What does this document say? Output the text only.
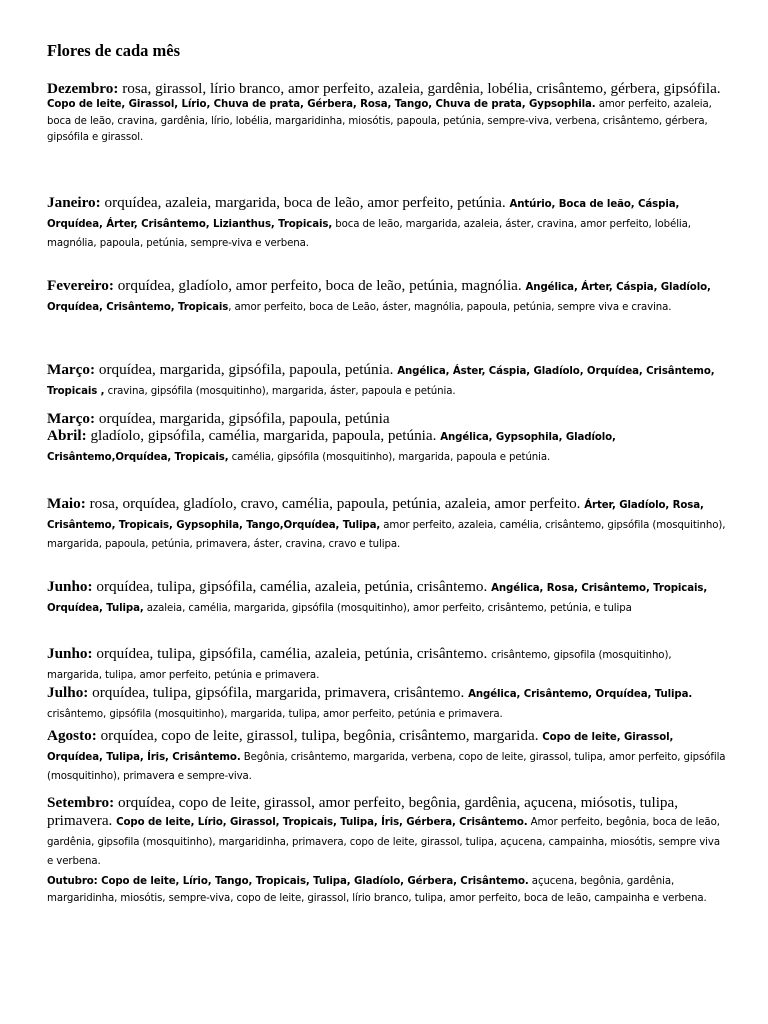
Flores de cada mês
Dezembro: rosa, girassol, lírio branco, amor perfeito, azaleia, gardênia, lobélia, crisântemo, gérbera, gipsófila.
Copo de leite, Girassol, Lírio, Chuva de prata, Gérbera, Rosa, Tango, Chuva de prata, Gypsophila. amor perfeito, azaleia, boca de leão, cravina, gardênia, lírio, lobélia, margaridinha, miosótis, papoula, petúnia, sempre-viva, verbena, crisântemo, gérbera, gipsófila e girassol.
Janeiro: orquídea, azaleia, margarida, boca de leão, amor perfeito, petúnia. Antúrio, Boca de leão, Cáspia, Orquídea, Árter, Crisântemo, Lizianthus, Tropicais, boca de leão, margarida, azaleia, áster, cravina, amor perfeito, lobélia, magnólia, papoula, petúnia, sempre-viva e verbena.
Fevereiro: orquídea, gladíolo, amor perfeito, boca de leão, petúnia, magnólia. Angélica, Árter, Cáspia, Gladíolo, Orquídea, Crisântemo, Tropicais, amor perfeito, boca de Leão, áster, magnólia, papoula, petúnia, sempre viva e cravina.
Março: orquídea, margarida, gipsófila, papoula, petúnia. Angélica, Áster, Cáspia, Gladíolo, Orquídea, Crisântemo, Tropicais , cravina, gipsófila (mosquitinho), margarida, áster, papoula e petúnia.
Março: orquídea, margarida, gipsófila, papoula, petúnia
Abril: gladíolo, gipsófila, camélia, margarida, papoula, petúnia. Angélica, Gypsophila, Gladíolo, Crisântemo,Orquídea, Tropicais, camélia, gipsófila (mosquitinho), margarida, papoula e petúnia.
Maio: rosa, orquídea, gladíolo, cravo, camélia, papoula, petúnia, azaleia, amor perfeito. Árter, Gladíolo, Rosa, Crisântemo, Tropicais, Gypsophila, Tango,Orquídea, Tulipa, amor perfeito, azaleia, camélia, crisântemo, gipsófila (mosquitinho), margarida, papoula, petúnia, primavera, áster, cravina, cravo e tulipa.
Junho: orquídea, tulipa, gipsófila, camélia, azaleia, petúnia, crisântemo. Angélica, Rosa, Crisântemo, Tropicais, Orquídea, Tulipa, azaleia, camélia, margarida, gipsófila (mosquitinho), amor perfeito, crisântemo, petúnia, e tulipa
Junho: orquídea, tulipa, gipsófila, camélia, azaleia, petúnia, crisântemo. crisântemo, gipsofila (mosquitinho), margarida, tulipa, amor perfeito, petúnia e primavera.
Julho: orquídea, tulipa, gipsófila, margarida, primavera, crisântemo. Angélica, Crisântemo, Orquídea, Tulipa. crisântemo, gipsófila (mosquitinho), margarida, tulipa, amor perfeito, petúnia e primavera.
Agosto: orquídea, copo de leite, girassol, tulipa, begônia, crisântemo, margarida. Copo de leite, Girassol, Orquídea, Tulipa, Íris, Crisântemo. Begônia, crisântemo, margarida, verbena, copo de leite, girassol, tulipa, amor perfeito, gipsófila (mosquitinho), primavera e sempre-viva.
Setembro: orquídea, copo de leite, girassol, amor perfeito, begônia, gardênia, açucena, miósotis, tulipa, primavera. Copo de leite, Lírio, Girassol, Tropicais, Tulipa, Íris, Gérbera, Crisântemo. Amor perfeito, begônia, boca de leão, gardênia, gipsofila (mosquitinho), margaridinha, primavera, copo de leite, girassol, tulipa, açucena, campainha, miosótis, sempre viva e verbena.
Outubro: Copo de leite, Lírio, Tango, Tropicais, Tulipa, Gladíolo, Gérbera, Crisântemo. açucena, begônia, gardênia, margaridinha, miosótis, sempre-viva, copo de leite, girassol, lírio branco, tulipa, amor perfeito, boca de leão, campainha e verbena.
